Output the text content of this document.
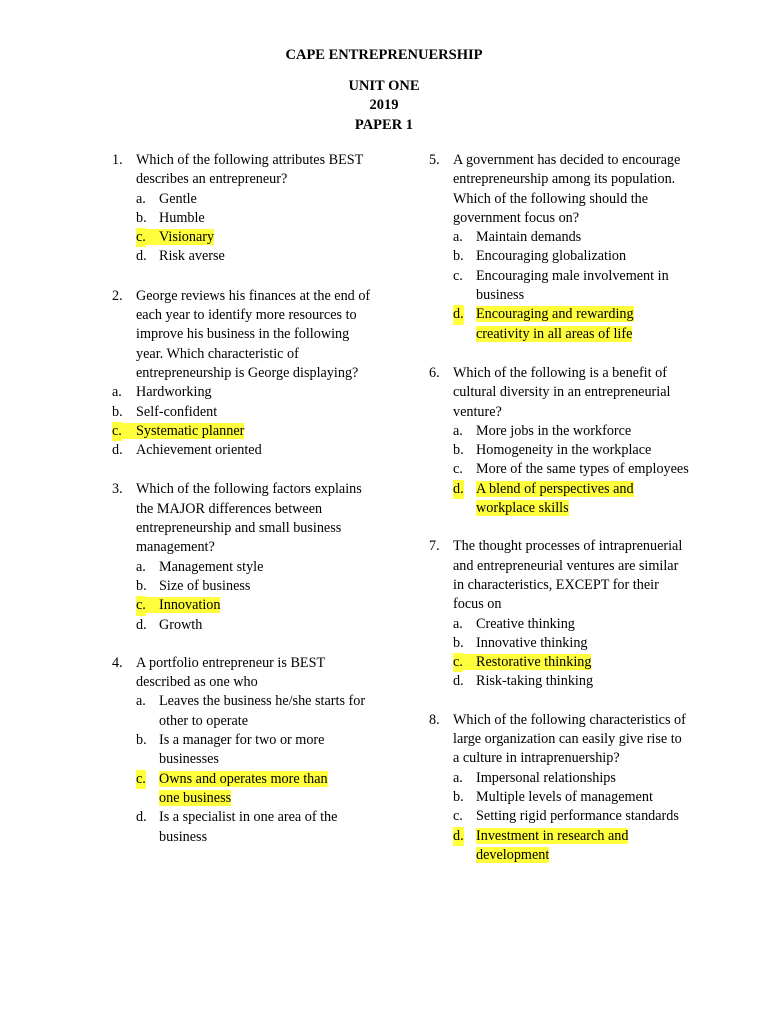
CAPE ENTREPRENUERSHIP
UNIT ONE
2019
PAPER 1
1. Which of the following attributes BEST describes an entrepreneur?
a. Gentle
b. Humble
c. Visionary
d. Risk averse
2. George reviews his finances at the end of each year to identify more resources to improve his business in the following year. Which characteristic of entrepreneurship is George displaying?
a. Hardworking
b. Self-confident
c. Systematic planner
d. Achievement oriented
3. Which of the following factors explains the MAJOR differences between entrepreneurship and small business management?
a. Management style
b. Size of business
c. Innovation
d. Growth
4. A portfolio entrepreneur is BEST described as one who
a. Leaves the business he/she starts for other to operate
b. Is a manager for two or more businesses
c. Owns and operates more than one business
d. Is a specialist in one area of the business
5. A government has decided to encourage entrepreneurship among its population. Which of the following should the government focus on?
a. Maintain demands
b. Encouraging globalization
c. Encouraging male involvement in business
d. Encouraging and rewarding creativity in all areas of life
6. Which of the following is a benefit of cultural diversity in an entrepreneurial venture?
a. More jobs in the workforce
b. Homogeneity in the workplace
c. More of the same types of employees
d. A blend of perspectives and workplace skills
7. The thought processes of intraprenuerial and entrepreneurial ventures are similar in characteristics, EXCEPT for their focus on
a. Creative thinking
b. Innovative thinking
c. Restorative thinking
d. Risk-taking thinking
8. Which of the following characteristics of large organization can easily give rise to a culture in intraprenuership?
a. Impersonal relationships
b. Multiple levels of management
c. Setting rigid performance standards
d. Investment in research and development
